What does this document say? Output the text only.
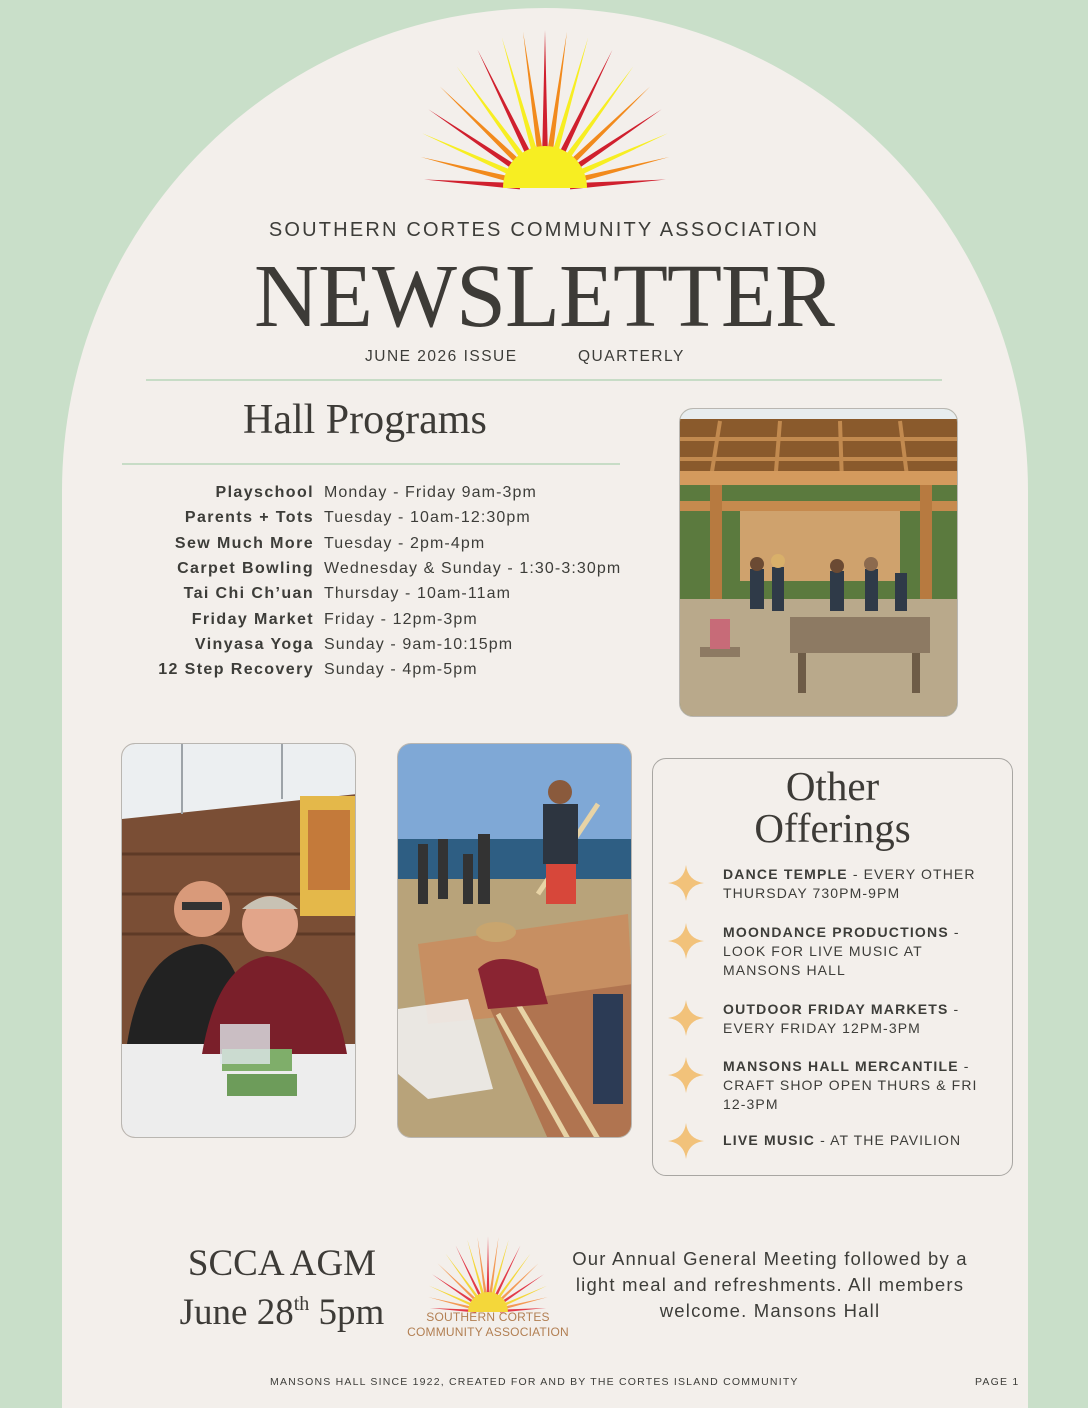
SOUTHERN CORTES COMMUNITY ASSOCIATION
NEWSLETTER
JUNE 2026 ISSUE	QUARTERLY
Hall Programs
Playschool Monday - Friday 9am-3pm
Parents + Tots Tuesday - 10am-12:30pm
Sew Much More Tuesday - 2pm-4pm
Carpet Bowling Wednesday & Sunday - 1:30-3:30pm
Tai Chi Ch’uan Thursday - 10am-11am
Friday Market Friday - 12pm-3pm
Vinyasa Yoga Sunday - 9am-10:15pm
12 Step Recovery Sunday - 4pm-5pm
Other
Offerings
DANCE TEMPLE - EVERY OTHER THURSDAY 730PM-9PM
MOONDANCE PRODUCTIONS - LOOK FOR LIVE MUSIC AT MANSONS HALL
OUTDOOR FRIDAY MARKETS - EVERY FRIDAY 12PM-3PM
MANSONS HALL MERCANTILE - CRAFT SHOP OPEN THURS & FRI 12-3PM
LIVE MUSIC - AT THE PAVILION
SCCA AGM
June 28th 5pm	SOUTHERN CORTES
COMMUNITY ASSOCIATION
Our Annual General Meeting followed by a light meal and refreshments. All members welcome. Mansons Hall
MANSONS HALL SINCE 1922, CREATED FOR AND BY THE CORTES ISLAND COMMUNITY	PAGE 1
